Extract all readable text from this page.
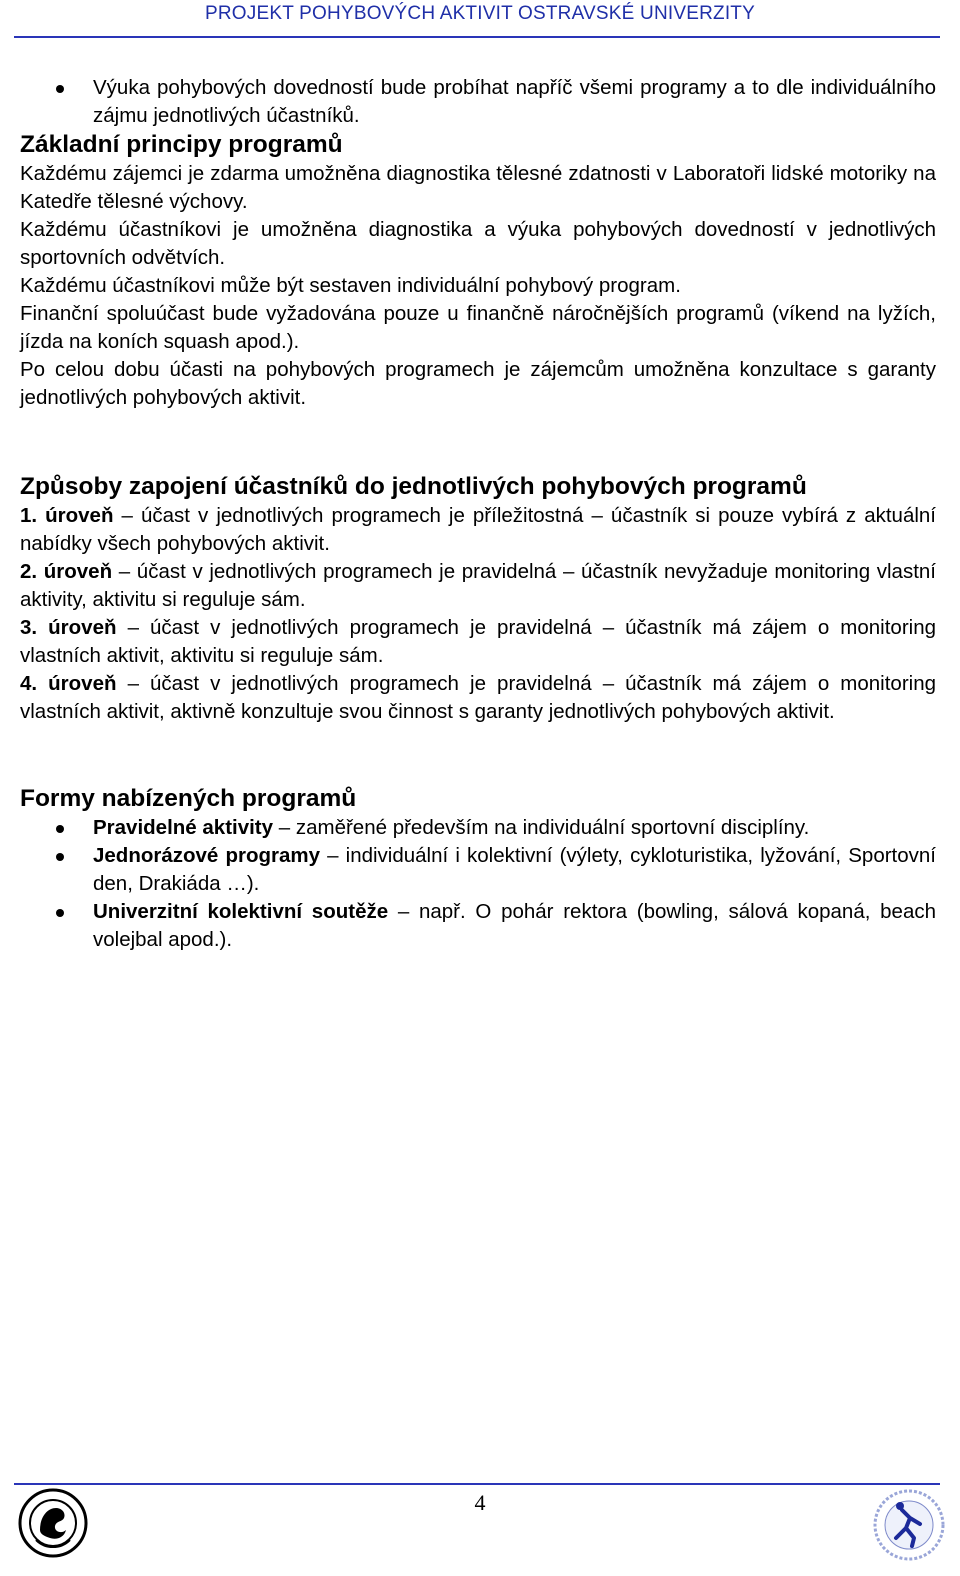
PROJEKT POHYBOVÝCH AKTIVIT OSTRAVSKÉ UNIVERZITY
Výuka pohybových dovedností bude probíhat napříč všemi programy a to dle individuálního zájmu jednotlivých účastníků.
Základní principy programů

Každému zájemci je zdarma umožněna diagnostika tělesné zdatnosti v Laboratoři lidské motoriky na Katedře tělesné výchovy.

Každému účastníkovi je umožněna diagnostika a výuka pohybových dovedností v jednotlivých sportovních odvětvích.

Každému účastníkovi může být sestaven individuální pohybový program.

Finanční spoluúčast bude vyžadována pouze u finančně náročnějších programů (víkend na lyžích, jízda na koních squash apod.).

Po celou dobu účasti na pohybových programech je zájemcům umožněna konzultace s garanty jednotlivých pohybových aktivit.

Způsoby zapojení účastníků do jednotlivých pohybových programů

1. úroveň – účast v jednotlivých programech je příležitostná – účastník si pouze vybírá z aktuální nabídky všech pohybových aktivit.

2. úroveň – účast v jednotlivých programech je pravidelná – účastník nevyžaduje monitoring vlastní aktivity, aktivitu si reguluje sám.

3. úroveň – účast v jednotlivých programech je pravidelná – účastník má zájem o monitoring vlastních aktivit, aktivitu si reguluje sám.

4. úroveň – účast v jednotlivých programech je pravidelná – účastník má zájem o monitoring vlastních aktivit, aktivně konzultuje svou činnost s garanty jednotlivých pohybových aktivit.

Formy nabízených programů
Pravidelné aktivity – zaměřené především na individuální sportovní disciplíny.
Jednorázové programy – individuální i kolektivní (výlety, cykloturistika, lyžování, Sportovní den, Drakiáda …).
Univerzitní kolektivní soutěže – např. O pohár rektora (bowling, sálová kopaná, beach volejbal apod.).
4
